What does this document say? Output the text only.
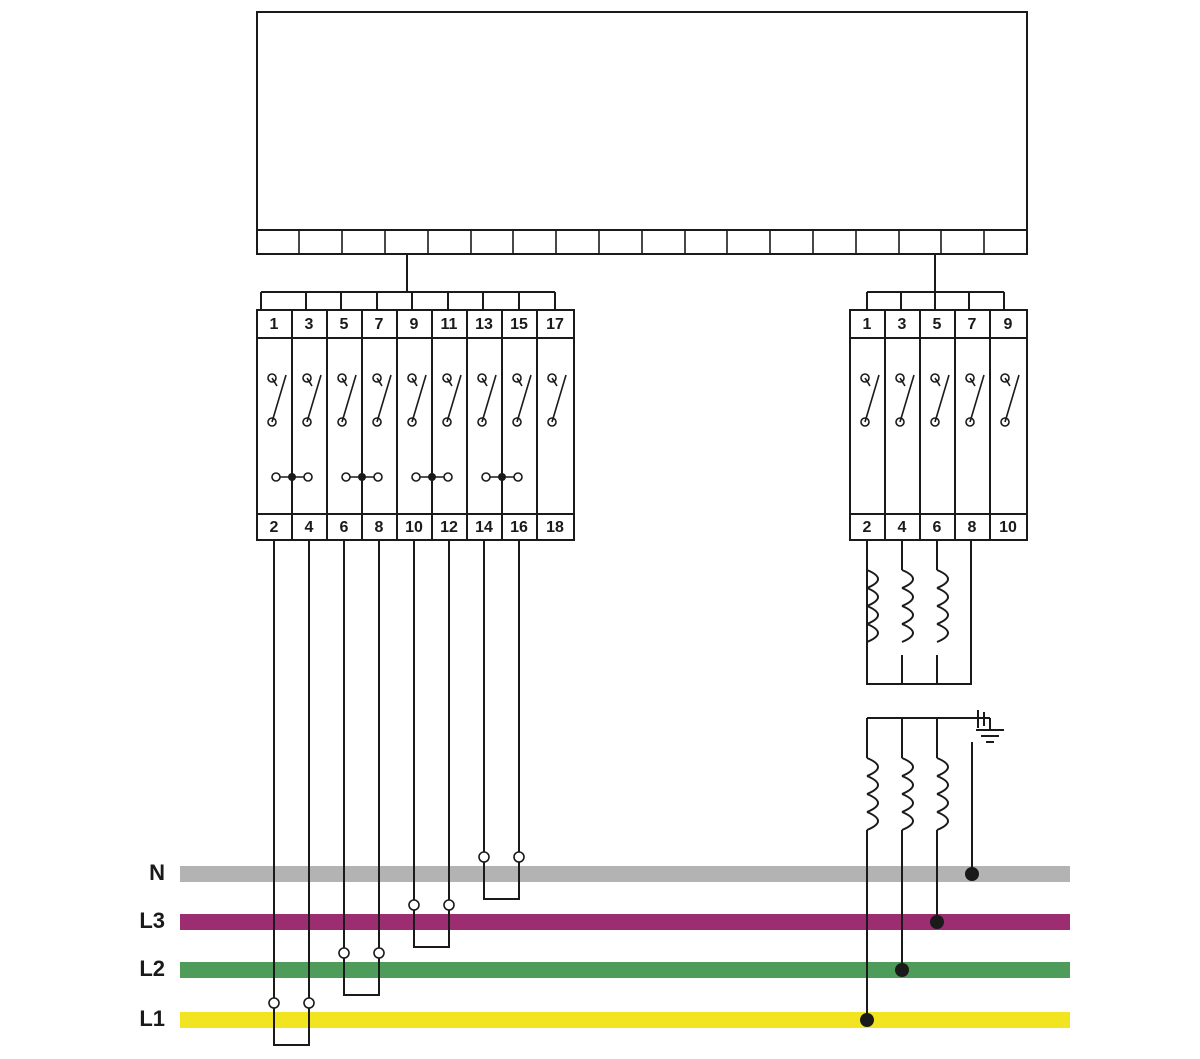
N
L3
L2
L1
1 3 5 7 9 11 13 15 17
2 4 6 8 10 12 14 16 18
1 3 5 7 9
2 4 6 8 10
